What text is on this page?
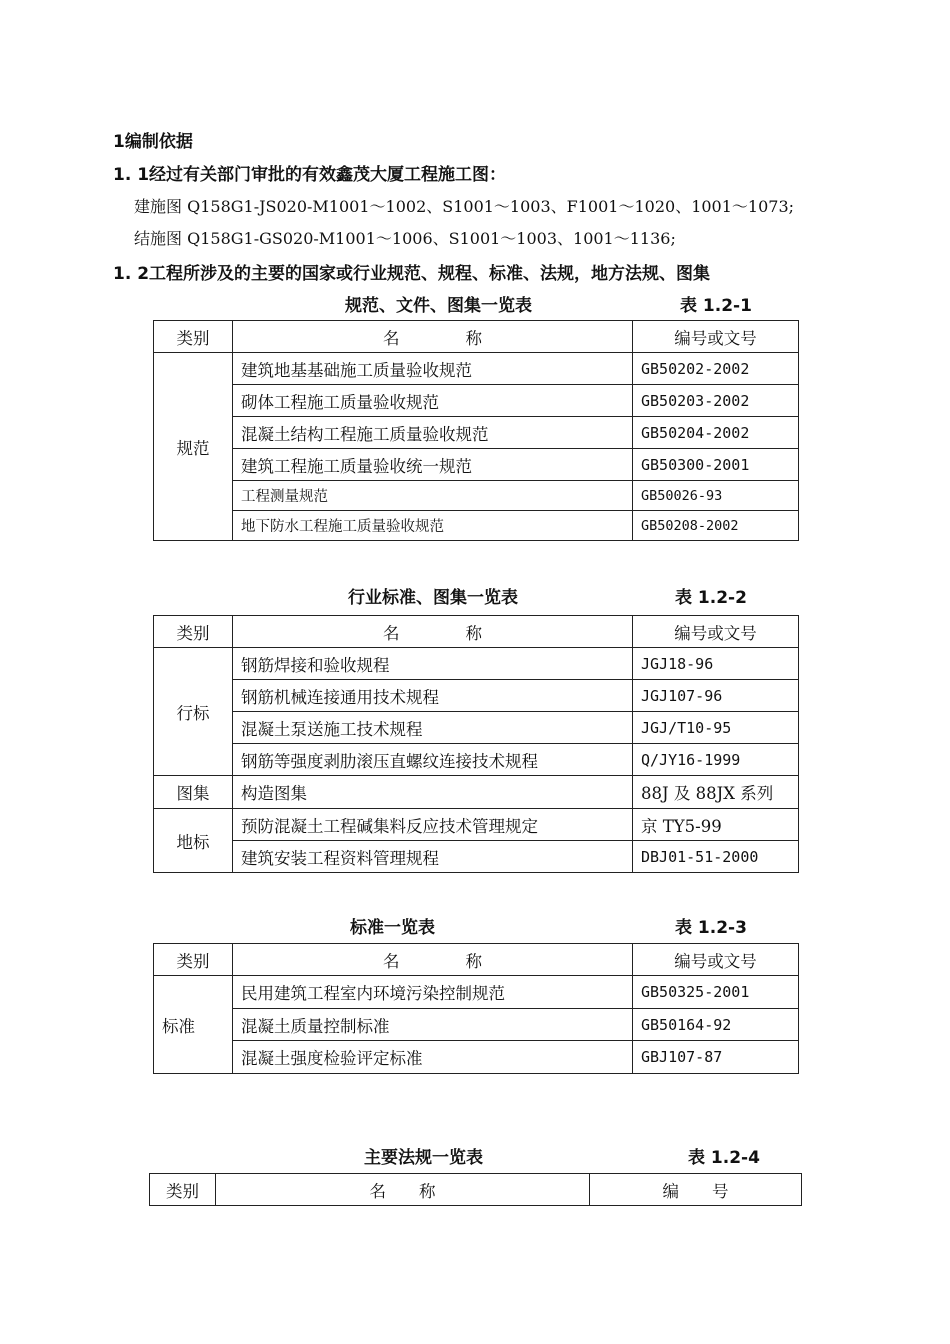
1编制依据
1. 1经过有关部门审批的有效鑫茂大厦工程施工图：
建施图 Q158G1-JS020-M1001～1002、S1001～1003、F1001～1020、1001～1073;
结施图 Q158G1-GS020-M1001～1006、S1001～1003、1001～1136;
1. 2工程所涉及的主要的国家或行业规范、规程、标准、法规，地方法规、图集
规范、文件、图集一览表	表 1.2-1
类别	名　　　　称	编号或文号
规范	建筑地基基础施工质量验收规范	GB50202-2002
	砌体工程施工质量验收规范	GB50203-2002
	混凝土结构工程施工质量验收规范	GB50204-2002
	建筑工程施工质量验收统一规范	GB50300-2001
	工程测量规范	GB50026-93
	地下防水工程施工质量验收规范	GB50208-2002
行业标准、图集一览表	表 1.2-2
类别	名　　　　称	编号或文号
行标	钢筋焊接和验收规程	JGJ18-96
	钢筋机械连接通用技术规程	JGJ107-96
	混凝土泵送施工技术规程	JGJ/T10-95
	钢筋等强度剥肋滚压直螺纹连接技术规程	Q/JY16-1999
图集	构造图集	88J 及 88JX 系列
地标	预防混凝土工程碱集料反应技术管理规定	京 TY5-99
	建筑安装工程资料管理规程	DBJ01-51-2000
标准一览表	表 1.2-3
类别	名　　　　称	编号或文号
标准	民用建筑工程室内环境污染控制规范	GB50325-2001
	混凝土质量控制标准	GB50164-92
	混凝土强度检验评定标准	GBJ107-87
主要法规一览表	表 1.2-4
类别	名　　称	编　　号
